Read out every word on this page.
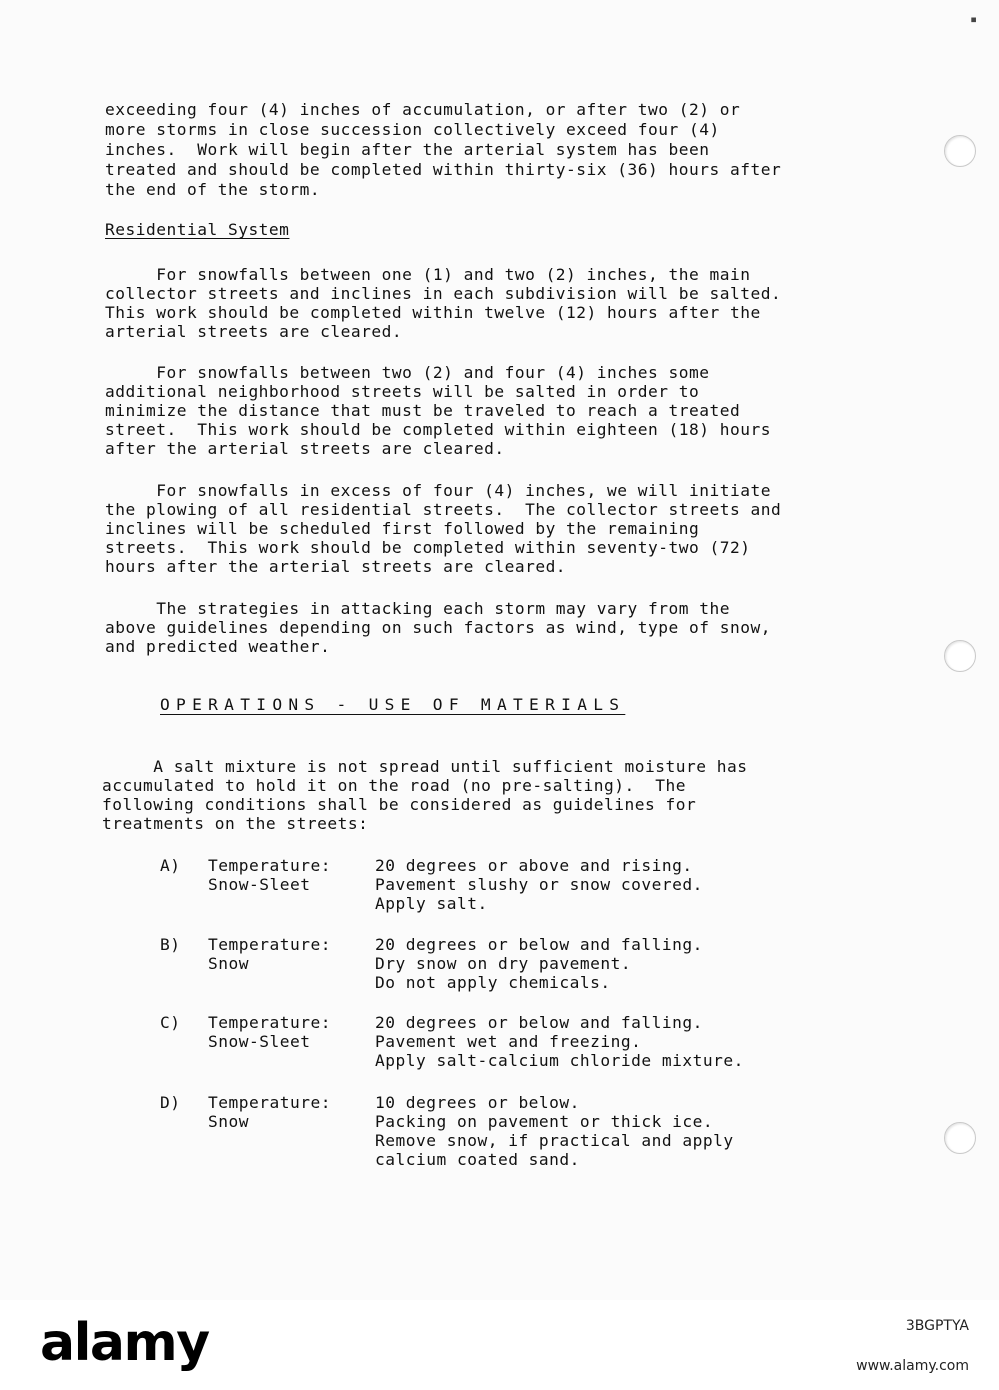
▪
exceeding four (4) inches of accumulation, or after two (2) or
more storms in close succession collectively exceed four (4)
inches.  Work will begin after the arterial system has been
treated and should be completed within thirty-six (36) hours after
the end of the storm.
Residential System
For snowfalls between one (1) and two (2) inches, the main
collector streets and inclines in each subdivision will be salted.
This work should be completed within twelve (12) hours after the
arterial streets are cleared.
For snowfalls between two (2) and four (4) inches some
additional neighborhood streets will be salted in order to
minimize the distance that must be traveled to reach a treated
street.  This work should be completed within eighteen (18) hours
after the arterial streets are cleared.
For snowfalls in excess of four (4) inches, we will initiate
the plowing of all residential streets.  The collector streets and
inclines will be scheduled first followed by the remaining
streets.  This work should be completed within seventy-two (72)
hours after the arterial streets are cleared.
The strategies in attacking each storm may vary from the
above guidelines depending on such factors as wind, type of snow,
and predicted weather.
OPERATIONS - USE OF MATERIALS
A salt mixture is not spread until sufficient moisture has
accumulated to hold it on the road (no pre-salting).  The
following conditions shall be considered as guidelines for
treatments on the streets:
A) Temperature:
Snow-Sleet
20 degrees or above and rising.
Pavement slushy or snow covered.
Apply salt.
B) Temperature:
Snow
20 degrees or below and falling.
Dry snow on dry pavement.
Do not apply chemicals.
C) Temperature:
Snow-Sleet
20 degrees or below and falling.
Pavement wet and freezing.
Apply salt-calcium chloride mixture.
D) Temperature:
Snow
10 degrees or below.
Packing on pavement or thick ice.
Remove snow, if practical and apply
calcium coated sand.
alamy	3BGPTYA
www.alamy.com
